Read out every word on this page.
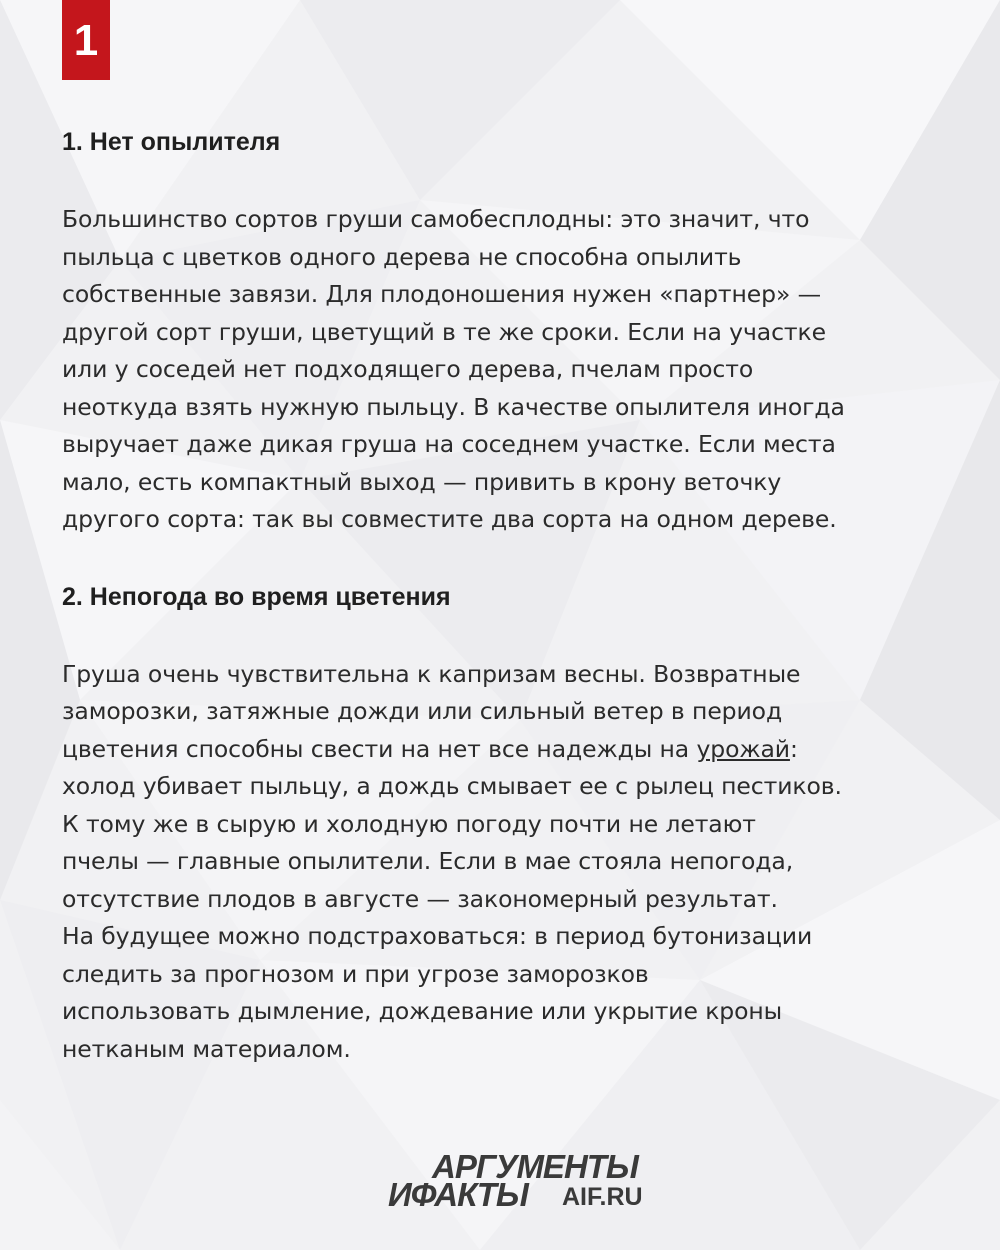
1
1. Нет опылителя

Большинство сортов груши самобесплодны: это значит, что
пыльца с цветков одного дерева не способна опылить
собственные завязи. Для плодоношения нужен «партнер» —
другой сорт груши, цветущий в те же сроки. Если на участке
или у соседей нет подходящего дерева, пчелам просто
неоткуда взять нужную пыльцу. В качестве опылителя иногда
выручает даже дикая груша на соседнем участке. Если места
мало, есть компактный выход — привить в крону веточку
другого сорта: так вы совместите два сорта на одном дереве.

2. Непогода во время цветения

Груша очень чувствительна к капризам весны. Возвратные
заморозки, затяжные дожди или сильный ветер в период
цветения способны свести на нет все надежды на урожай:
холод убивает пыльцу, а дождь смывает ее с рылец пестиков.
К тому же в сырую и холодную погоду почти не летают
пчелы — главные опылители. Если в мае стояла непогода,
отсутствие плодов в августе — закономерный результат.
На будущее можно подстраховаться: в период бутонизации
следить за прогнозом и при угрозе заморозков
использовать дымление, дождевание или укрытие кроны
нетканым материалом.

АРГУМЕНТЫ
ИФАКТЫ AIF.RU
